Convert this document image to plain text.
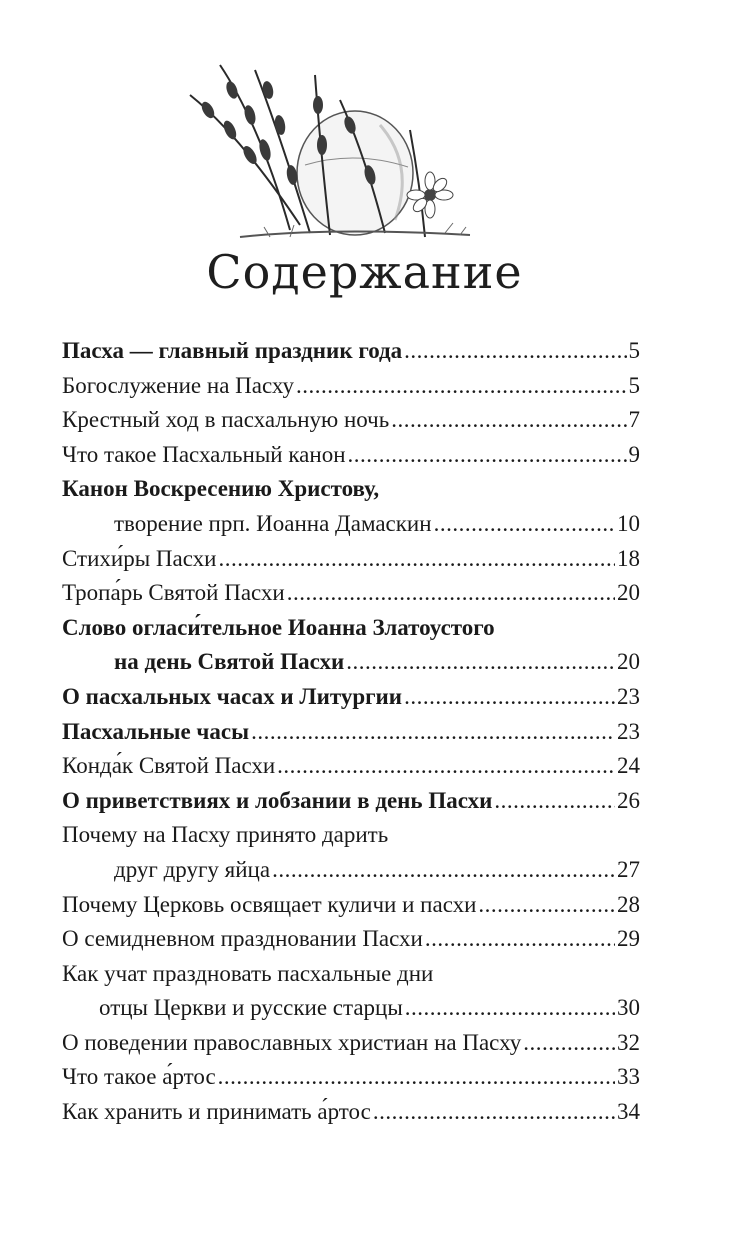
Содержание
Пасха — главный праздник года .....	5
Богослужение на Пасху .....	5
Крестный ход в пасхальную ночь .....	7
Что такое Пасхальный канон .....	9
Канон Воскресению Христову,
творение прп. Иоанна Дамаскин .....	10
Стихи́ры Пасхи .....	18
Тропа́рь Святой Пасхи .....	20
Слово огласи́тельное Иоанна Златоустого
на день Святой Пасхи .....	20
О пасхальных часах и Литургии .....	23
Пасхальные часы .....	23
Конда́к Святой Пасхи .....	24
О приветствиях и лобзании в день Пасхи .....	26
Почему на Пасху принято дарить
друг другу яйца .....	27
Почему Церковь освящает куличи и пасхи .....	28
О семидневном праздновании Пасхи .....	29
Как учат праздновать пасхальные дни
отцы Церкви и русские старцы .....	30
О поведении православных христиан на Пасху .....	32
Что такое а́ртос .....	33
Как хранить и принимать а́ртос .....	34
